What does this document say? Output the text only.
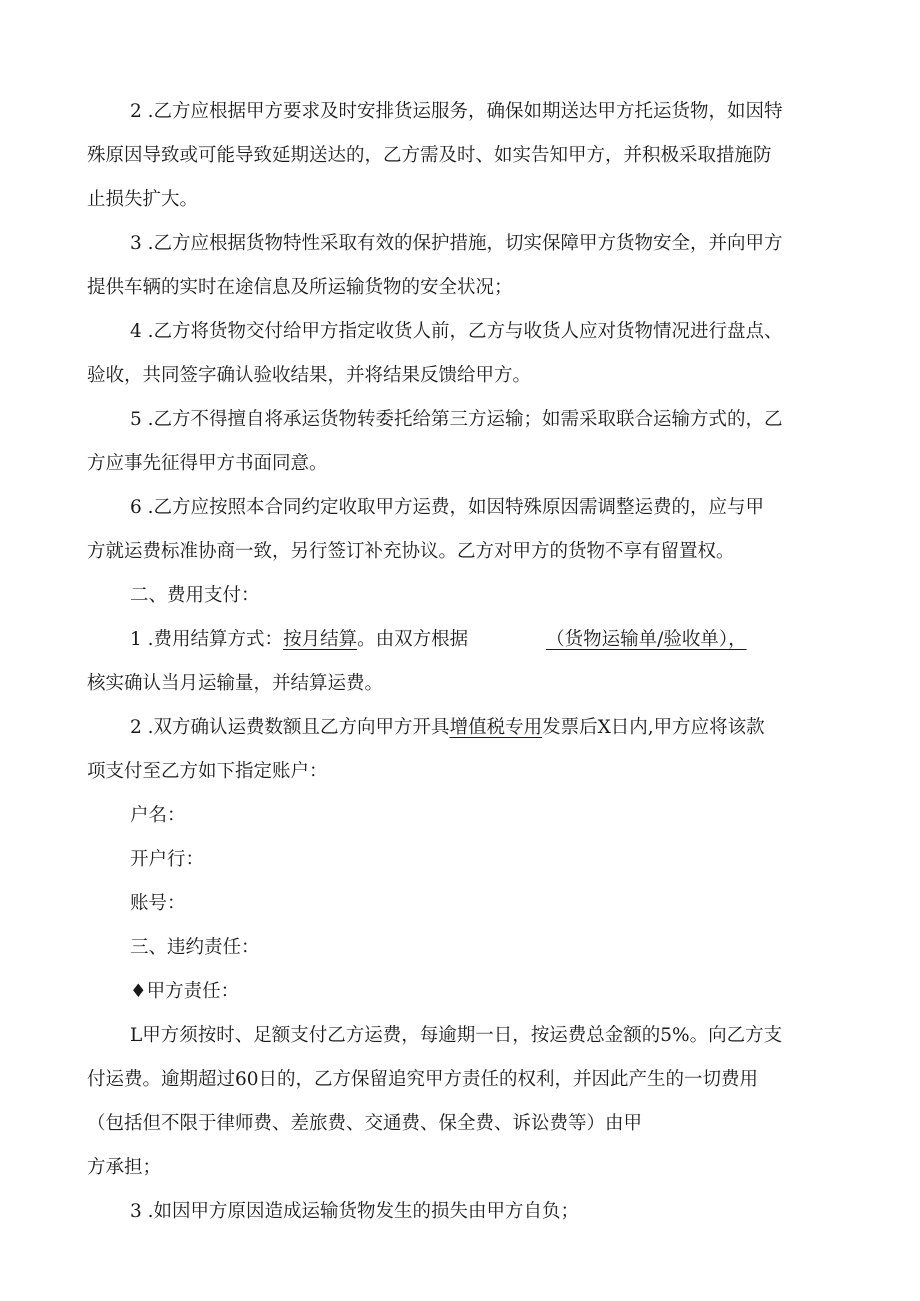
2 .乙方应根据甲方要求及时安排货运服务，确保如期送达甲方托运货物，如因特
殊原因导致或可能导致延期送达的，乙方需及时、如实告知甲方，并积极采取措施防
止损失扩大。
3 .乙方应根据货物特性采取有效的保护措施，切实保障甲方货物安全，并向甲方
提供车辆的实时在途信息及所运输货物的安全状况；
4 .乙方将货物交付给甲方指定收货人前，乙方与收货人应对货物情况进行盘点、
验收，共同签字确认验收结果，并将结果反馈给甲方。
5 .乙方不得擅自将承运货物转委托给第三方运输；如需采取联合运输方式的，乙
方应事先征得甲方书面同意。
6 .乙方应按照本合同约定收取甲方运费，如因特殊原因需调整运费的，应与甲
方就运费标准协商一致，另行签订补充协议。乙方对甲方的货物不享有留置权。
二、费用支付：
1 .费用结算方式：按月结算。由双方根据	（货物运输单/验收单），
核实确认当月运输量，并结算运费。
2 .双方确认运费数额且乙方向甲方开具增值税专用发票后X日内,甲方应将该款
项支付至乙方如下指定账户：
户名：
开户行：
账号：
三、违约责任：
♦甲方责任：
L甲方须按时、足额支付乙方运费，每逾期一日，按运费总金额的5%。向乙方支
付运费。逾期超过60日的，乙方保留追究甲方责任的权利，并因此产生的一切费用
（包括但不限于律师费、差旅费、交通费、保全费、诉讼费等）由甲
方承担；
3 .如因甲方原因造成运输货物发生的损失由甲方自负；
